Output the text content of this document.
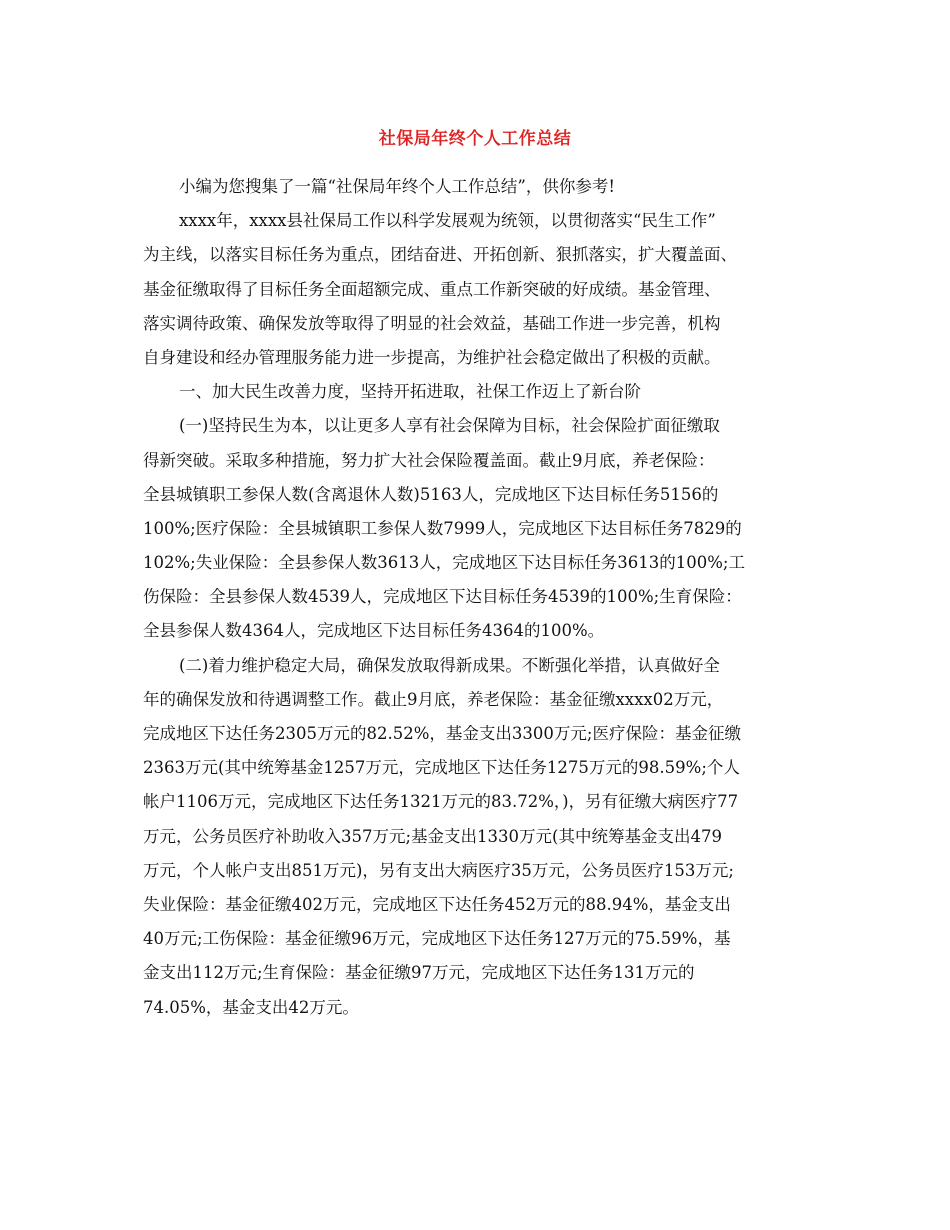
社保局年终个人工作总结
小编为您搜集了一篇“社保局年终个人工作总结”，供你参考!
xxxx年，xxxx县社保局工作以科学发展观为统领，以贯彻落实“民生工作”
为主线，以落实目标任务为重点，团结奋进、开拓创新、狠抓落实，扩大覆盖面、
基金征缴取得了目标任务全面超额完成、重点工作新突破的好成绩。基金管理、
落实调待政策、确保发放等取得了明显的社会效益，基础工作进一步完善，机构
自身建设和经办管理服务能力进一步提高，为维护社会稳定做出了积极的贡献。
一、加大民生改善力度，坚持开拓进取，社保工作迈上了新台阶
(一)坚持民生为本，以让更多人享有社会保障为目标，社会保险扩面征缴取
得新突破。采取多种措施，努力扩大社会保险覆盖面。截止9月底，养老保险：
全县城镇职工参保人数(含离退休人数)5163人，完成地区下达目标任务5156的
100%;医疗保险：全县城镇职工参保人数7999人，完成地区下达目标任务7829的
102%;失业保险：全县参保人数3613人，完成地区下达目标任务3613的100%;工
伤保险：全县参保人数4539人，完成地区下达目标任务4539的100%;生育保险：
全县参保人数4364人，完成地区下达目标任务4364的100%。
(二)着力维护稳定大局，确保发放取得新成果。不断强化举措，认真做好全
年的确保发放和待遇调整工作。截止9月底，养老保险：基金征缴xxxx02万元，
完成地区下达任务2305万元的82.52%，基金支出3300万元;医疗保险：基金征缴
2363万元(其中统筹基金1257万元，完成地区下达任务1275万元的98.59%;个人
帐户1106万元，完成地区下达任务1321万元的83.72%，)，另有征缴大病医疗77
万元，公务员医疗补助收入357万元;基金支出1330万元(其中统筹基金支出479
万元，个人帐户支出851万元)，另有支出大病医疗35万元，公务员医疗153万元;
失业保险：基金征缴402万元，完成地区下达任务452万元的88.94%，基金支出
40万元;工伤保险：基金征缴96万元，完成地区下达任务127万元的75.59%，基
金支出112万元;生育保险：基金征缴97万元，完成地区下达任务131万元的
74.05%，基金支出42万元。
